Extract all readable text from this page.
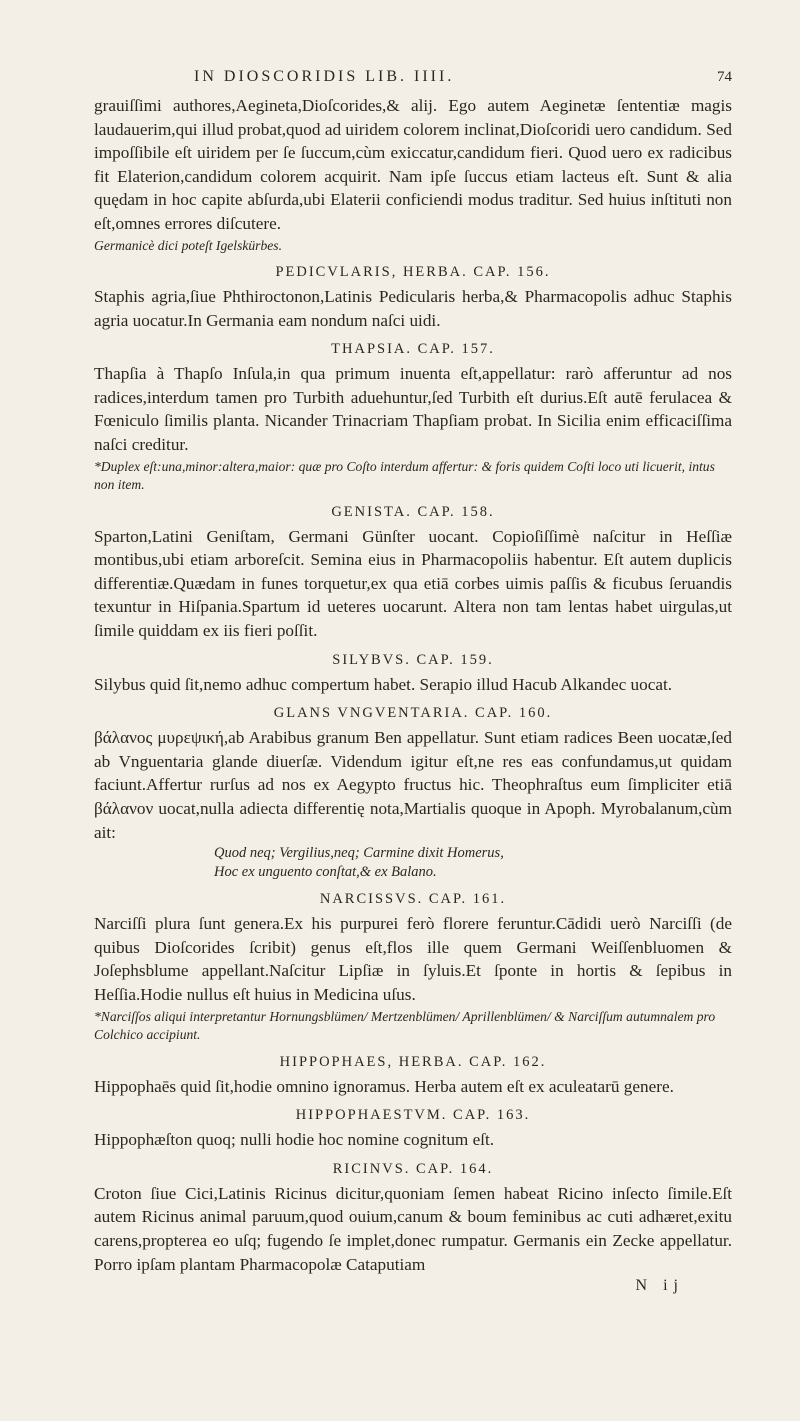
IN DIOSCORIDIS LIB. IIII.	74

grauiſſimi authores,Aegineta,Dioſcorides,& alij. Ego autem Aeginetæ ſententiæ magis laudauerim,qui illud probat,quod ad uiridem colorem inclinat,Dioſcoridi uero candidum. Sed impoſſibile eſt uiridem per ſe ſuccum,cùm exiccatur,candidum fieri. Quod uero ex radicibus fit Elaterion,candidum colorem acquirit. Nam ipſe ſuccus etiam lacteus eſt. Sunt & alia quędam in hoc capite abſurda,ubi Elaterii conficiendi modus traditur. Sed huius inſtituti non eſt,omnes errores diſcutere.

Germanicè dici poteſt Igelskürbes.
PEDICVLARIS, HERBA. CAP. 156.

Staphis agria,ſiue Phthiroctonon,Latinis Pedicularis herba,& Pharmacopolis adhuc Staphis agria uocatur.In Germania eam nondum naſci uidi.

THAPSIA. CAP. 157.

Thapſia à Thapſo Inſula,in qua primum inuenta eſt,appellatur: rarò afferuntur ad nos radices,interdum tamen pro Turbith aduehuntur,ſed Turbith eſt durius.Eſt autē ferulacea & Fœniculo ſimilis planta. Nicander Trinacriam Thapſiam probat. In Sicilia enim efficaciſſima naſci creditur.

*Duplex eſt:una,minor:altera,maior: quæ pro Coſto interdum affertur: & foris quidem Coſti loco uti licuerit, intus non item.
GENISTA. CAP. 158.

Sparton,Latini Geniſtam, Germani Günſter uocant. Copioſiſſimè naſcitur in Heſſiæ montibus,ubi etiam arboreſcit. Semina eius in Pharmacopoliis habentur. Eſt autem duplicis differentiæ.Quædam in funes torquetur,ex qua etiā corbes uimis paſſis & ficubus ſeruandis texuntur in Hiſpania.Spartum id ueteres uocarunt. Altera non tam lentas habet uirgulas,ut ſimile quiddam ex iis fieri poſſit.

SILYBVS. CAP. 159.

Silybus quid ſit,nemo adhuc compertum habet. Serapio illud Hacub Alkandec uocat.

GLANS VNGVENTARIA. CAP. 160.

βάλανος μυρεψική,ab Arabibus granum Ben appellatur. Sunt etiam radices Been uocatæ,ſed ab Vnguentaria glande diuerſæ. Videndum igitur eſt,ne res eas confundamus,ut quidam faciunt.Affertur rurſus ad nos ex Aegypto fructus hic. Theophraſtus eum ſimpliciter etiā βάλανον uocat,nulla adiecta differentię nota,Martialis quoque in Apoph. Myrobalanum,cùm ait:

Quod neq; Vergilius,neq; Carmine dixit Homerus,
Hoc ex unguento conſtat,& ex Balano.
NARCISSVS. CAP. 161.

Narciſſi plura ſunt genera.Ex his purpurei ferò florere feruntur.Cādidi uerò Narciſſi (de quibus Dioſcorides ſcribit) genus eſt,flos ille quem Germani Weiſſenbluomen & Joſephsblume appellant.Naſcitur Lipſiæ in ſyluis.Et ſponte in hortis & ſepibus in Heſſia.Hodie nullus eſt huius in Medicina uſus.

*Narciſſos aliqui interpretantur Hornungsblümen/ Mertzenblümen/ Aprillenblümen/ & Narciſſum autumnalem pro Colchico accipiunt.
HIPPOPHAES, HERBA. CAP. 162.

Hippophaēs quid ſit,hodie omnino ignoramus. Herba autem eſt ex aculeatarū genere.

HIPPOPHAESTVM. CAP. 163.

Hippophæſton quoq; nulli hodie hoc nomine cognitum eſt.

RICINVS. CAP. 164.

Croton ſiue Cici,Latinis Ricinus dicitur,quoniam ſemen habeat Ricino inſecto ſimile.Eſt autem Ricinus animal paruum,quod ouium,canum & boum feminibus ac cuti adhæret,exitu carens,propterea eo uſq; fugendo ſe implet,donec rumpatur. Germanis ein Zecke appellatur. Porro ipſam plantam Pharmacopolæ Cataputiam

N ij
